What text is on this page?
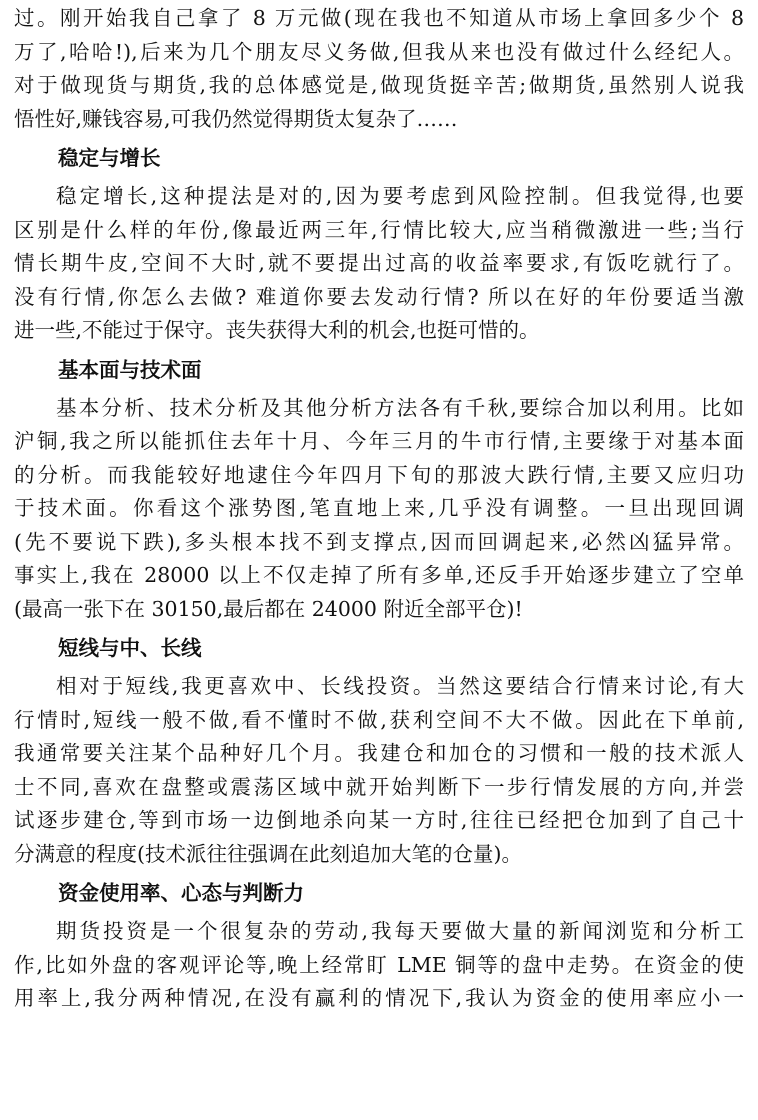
过。刚开始我自己拿了 8 万元做(现在我也不知道从市场上拿回多少个 8
万了,哈哈!),后来为几个朋友尽义务做,但我从来也没有做过什么经纪人。
对于做现货与期货,我的总体感觉是,做现货挺辛苦;做期货,虽然别人说我
悟性好,赚钱容易,可我仍然觉得期货太复杂了……
稳定与增长
稳定增长,这种提法是对的,因为要考虑到风险控制。但我觉得,也要
区别是什么样的年份,像最近两三年,行情比较大,应当稍微激进一些;当行
情长期牛皮,空间不大时,就不要提出过高的收益率要求,有饭吃就行了。
没有行情,你怎么去做? 难道你要去发动行情? 所以在好的年份要适当激
进一些,不能过于保守。丧失获得大利的机会,也挺可惜的。
基本面与技术面
基本分析、技术分析及其他分析方法各有千秋,要综合加以利用。比如
沪铜,我之所以能抓住去年十月、今年三月的牛市行情,主要缘于对基本面
的分析。而我能较好地逮住今年四月下旬的那波大跌行情,主要又应归功
于技术面。你看这个涨势图,笔直地上来,几乎没有调整。一旦出现回调
(先不要说下跌),多头根本找不到支撑点,因而回调起来,必然凶猛异常。
事实上,我在 28000 以上不仅走掉了所有多单,还反手开始逐步建立了空单
(最高一张下在 30150,最后都在 24000 附近全部平仓)!
短线与中、长线
相对于短线,我更喜欢中、长线投资。当然这要结合行情来讨论,有大
行情时,短线一般不做,看不懂时不做,获利空间不大不做。因此在下单前,
我通常要关注某个品种好几个月。我建仓和加仓的习惯和一般的技术派人
士不同,喜欢在盘整或震荡区域中就开始判断下一步行情发展的方向,并尝
试逐步建仓,等到市场一边倒地杀向某一方时,往往已经把仓加到了自己十
分满意的程度(技术派往往强调在此刻追加大笔的仓量)。
资金使用率、心态与判断力
期货投资是一个很复杂的劳动,我每天要做大量的新闻浏览和分析工
作,比如外盘的客观评论等,晚上经常盯 LME 铜等的盘中走势。在资金的使
用率上,我分两种情况,在没有赢利的情况下,我认为资金的使用率应小一
